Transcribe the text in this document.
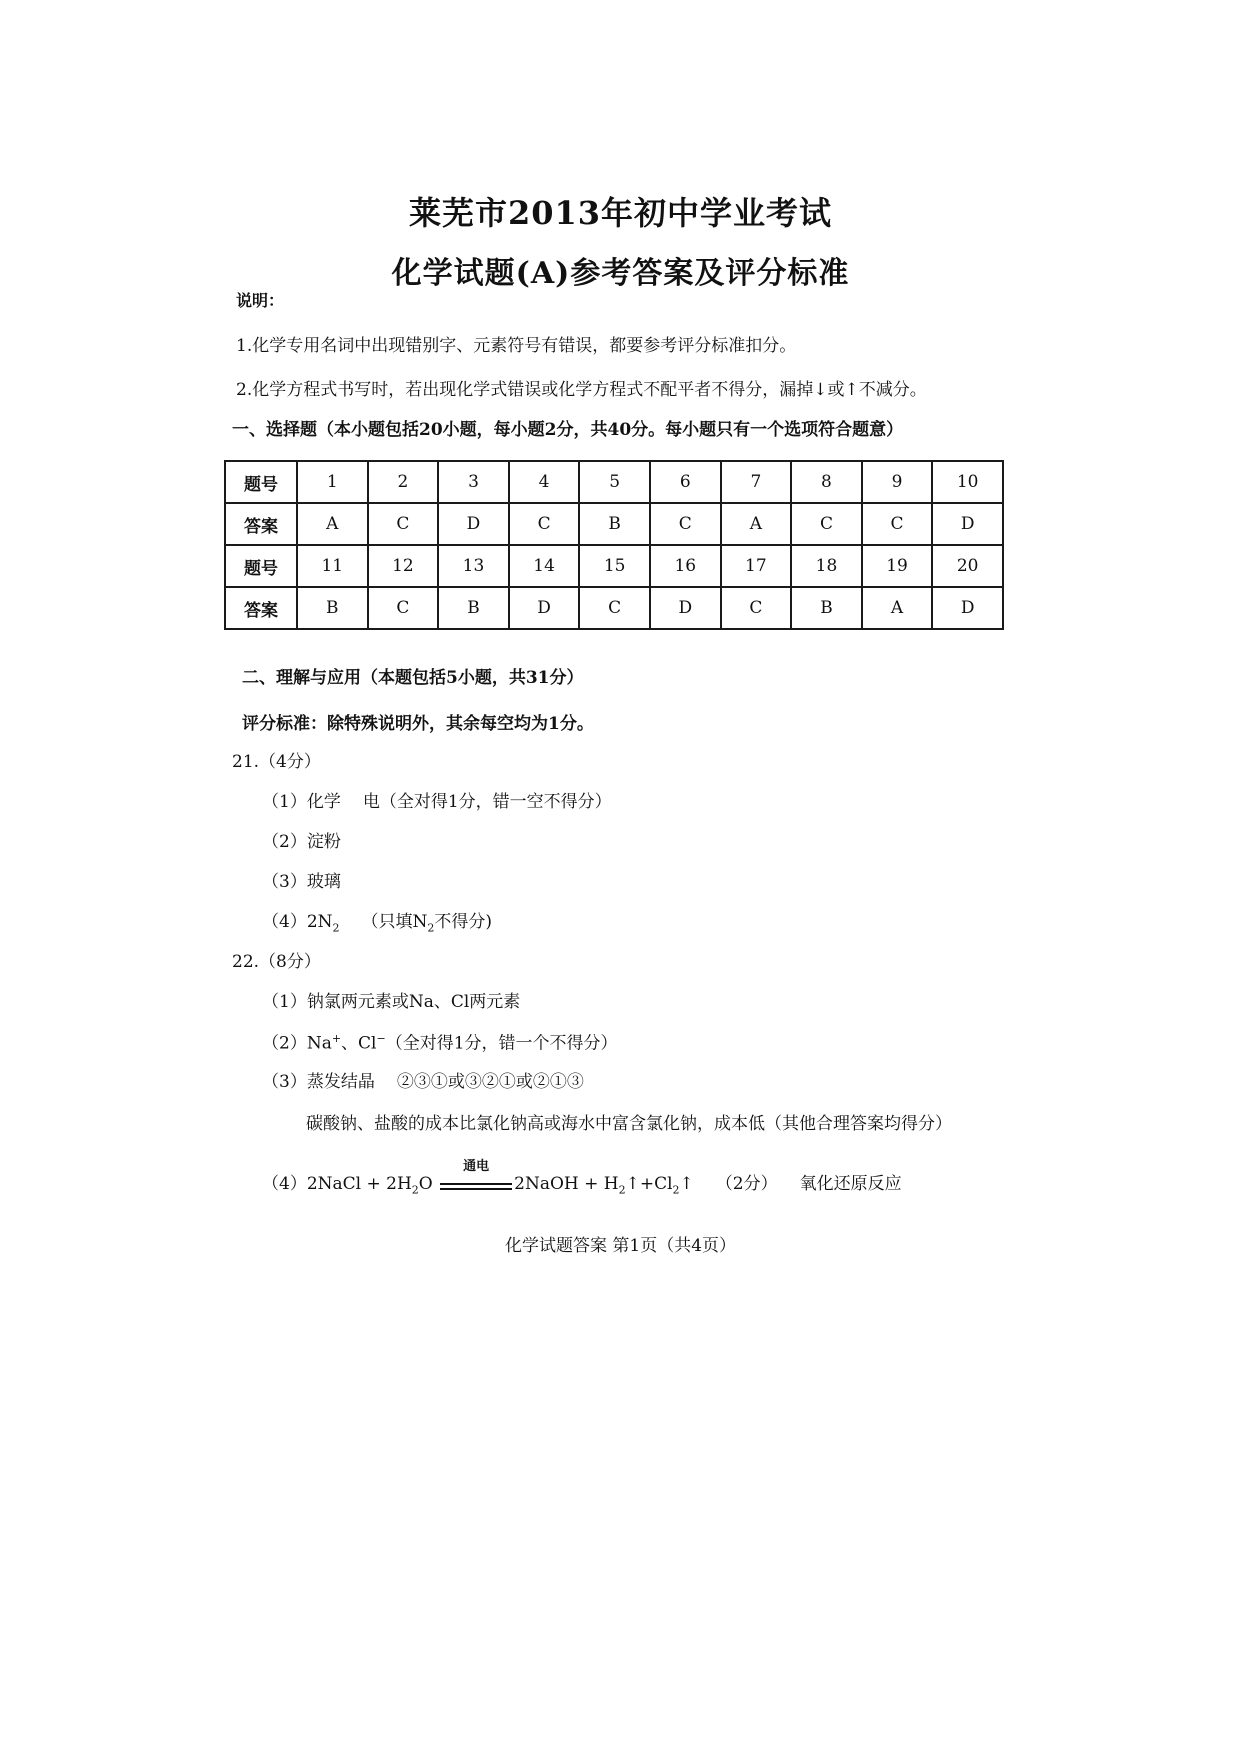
莱芜市2013年初中学业考试
化学试题(A)参考答案及评分标准
说明：
1.化学专用名词中出现错别字、元素符号有错误，都要参考评分标准扣分。
2.化学方程式书写时，若出现化学式错误或化学方程式不配平者不得分，漏掉↓或↑不减分。
一、选择题（本小题包括20小题，每小题2分，共40分。每小题只有一个选项符合题意）
题号	1	2	3	4	5	6	7	8	9	10
答案	A	C	D	C	B	C	A	C	C	D
题号	11	12	13	14	15	16	17	18	19	20
答案	B	C	B	D	C	D	C	B	A	D
二、理解与应用（本题包括5小题，共31分）
评分标准：除特殊说明外，其余每空均为1分。
21.（4分）
（1）化学 电（全对得1分，错一空不得分）
（2）淀粉
（3）玻璃
$(4)2N_2$ （只填$N_2$不得分)
22.（8分）
（1）钠氯两元素或Na、Cl两元素
（2）Na+、Cl−（全对得1分，错一个不得分）
（3）蒸发结晶 ②③①或③②①或②①③
碳酸钠、盐酸的成本比氯化钠高或海水中富含氯化钠，成本低（其他合理答案均得分）
（4）2NaCl + $2H_2O$
通电
2NaOH + $H_2↑+Cl_2↑$ （2分） 氧化还原反应
化学试题答案 第1页（共4页）
